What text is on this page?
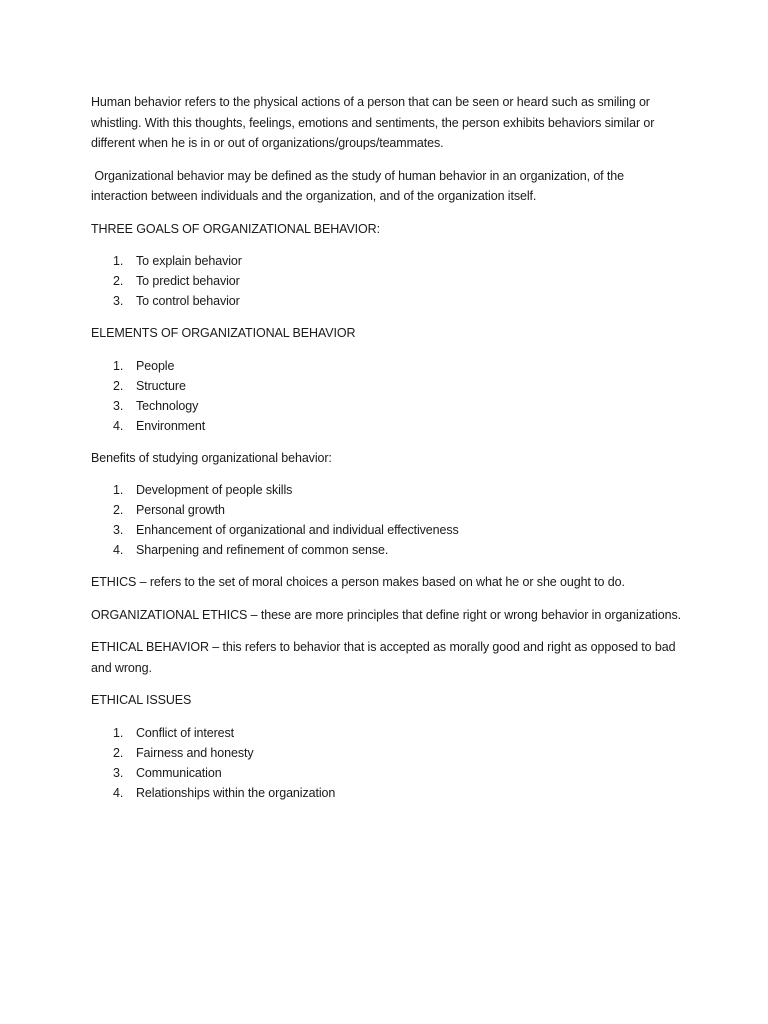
Human behavior refers to the physical actions of a person that can be seen or heard such as smiling or whistling. With this thoughts, feelings, emotions and sentiments, the person exhibits behaviors similar or different when he is in or out of organizations/groups/teammates.

Organizational behavior may be defined as the study of human behavior in an organization, of the interaction between individuals and the organization, and of the organization itself.

THREE GOALS OF ORGANIZATIONAL BEHAVIOR:

1. To explain behavior
2. To predict behavior
3. To control behavior

ELEMENTS OF ORGANIZATIONAL BEHAVIOR

1. People
2. Structure
3. Technology
4. Environment

Benefits of studying organizational behavior:

1. Development of people skills
2. Personal growth
3. Enhancement of organizational and individual effectiveness
4. Sharpening and refinement of common sense.

ETHICS – refers to the set of moral choices a person makes based on what he or she ought to do.

ORGANIZATIONAL ETHICS – these are more principles that define right or wrong behavior in organizations.

ETHICAL BEHAVIOR – this refers to behavior that is accepted as morally good and right as opposed to bad and wrong.

ETHICAL ISSUES

1. Conflict of interest
2. Fairness and honesty
3. Communication
4. Relationships within the organization
